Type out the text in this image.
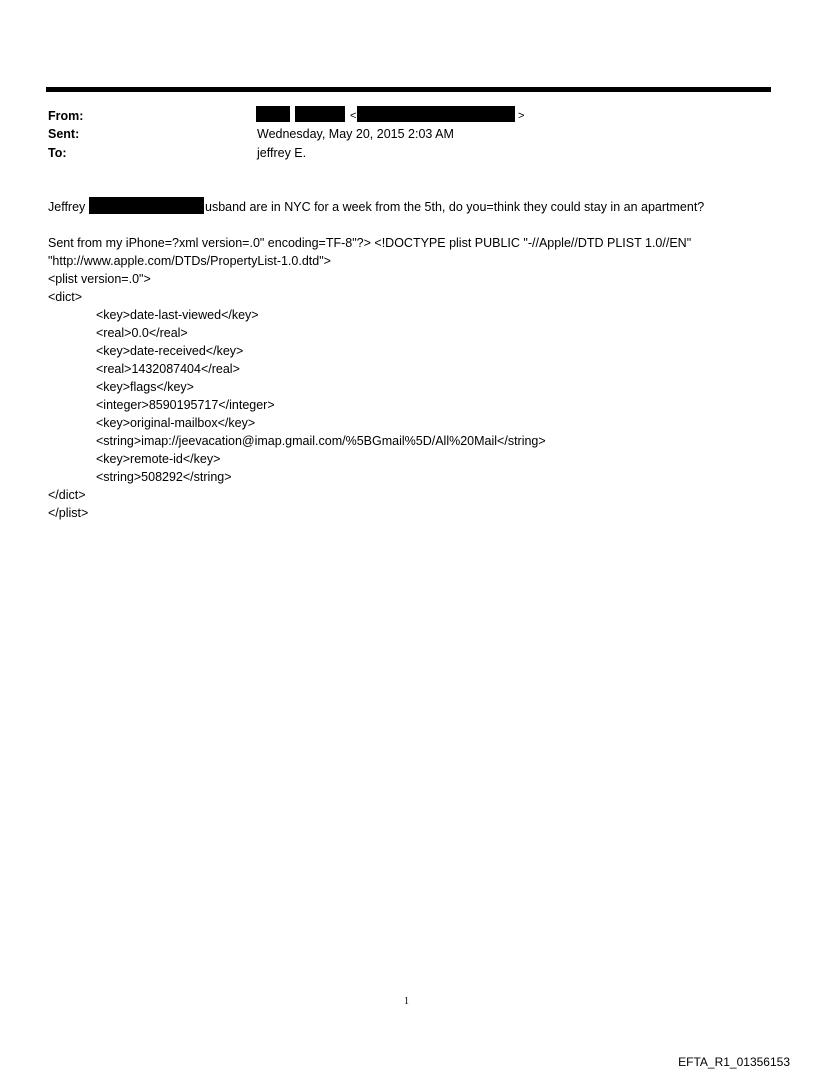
From:	<	>
Sent:	Wednesday, May 20, 2015 2:03 AM
To:	jeffrey E.
Jeffrey	usband are in NYC for a week from the 5th, do you=think they could stay in an apartment?
Sent from my iPhone=?xml version=.0" encoding=TF-8"?> <!DOCTYPE plist PUBLIC "-//Apple//DTD PLIST 1.0//EN"
"http://www.apple.com/DTDs/PropertyList-1.0.dtd">
<plist version=.0">
<dict>
<key>date-last-viewed</key>
<real>0.0</real>
<key>date-received</key>
<real>1432087404</real>
<key>flags</key>
<integer>8590195717</integer>
<key>original-mailbox</key>
<string>imap://jeevacation@imap.gmail.com/%5BGmail%5D/All%20Mail</string>
<key>remote-id</key>
<string>508292</string>
</dict>
</plist>
1
EFTA_R1_01356153
